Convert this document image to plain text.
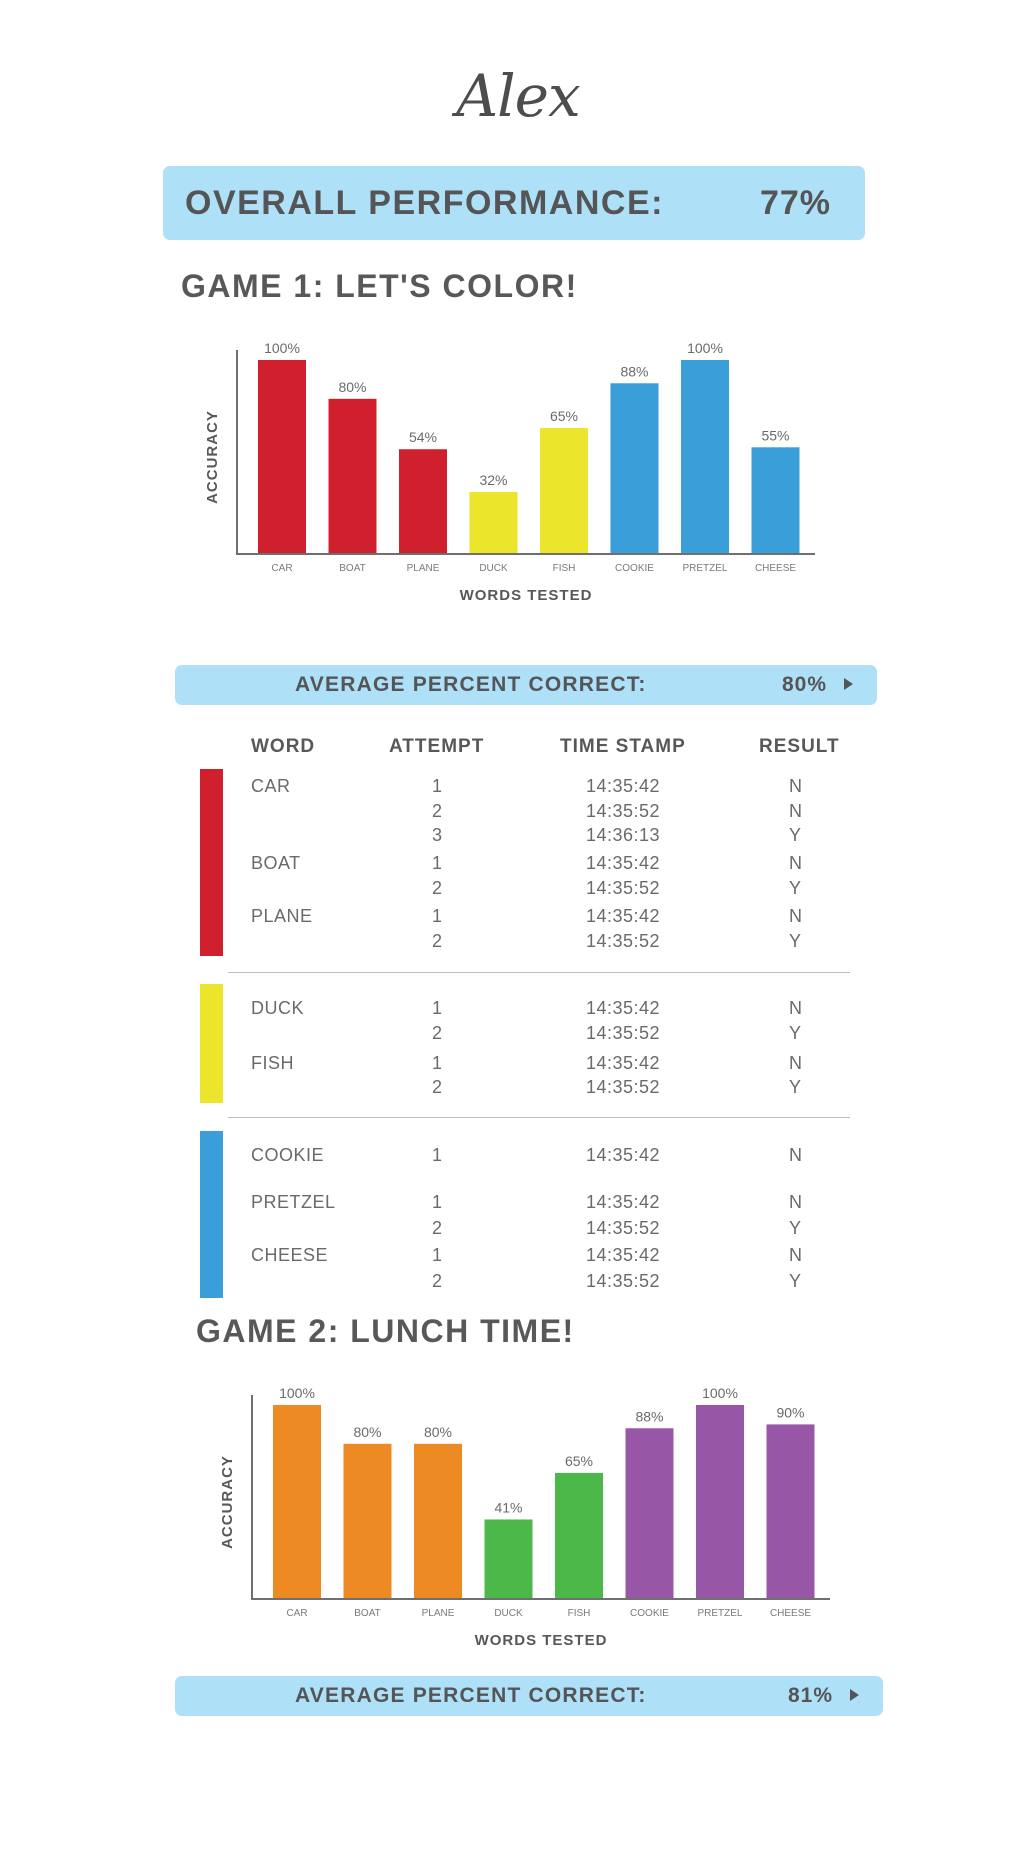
Alex
OVERALL PERFORMANCE:	77%
GAME 1: LET'S COLOR!
100%
CAR
80%
BOAT
54%
PLANE
32%
DUCK
65%
FISH
88%
COOKIE
100%
PRETZEL
55%
CHEESE
WORDS TESTED
ACCURACY
AVERAGE PERCENT CORRECT:	80%
WORD	ATTEMPT	TIME STAMP	RESULT
CAR	1	14:35:42	N
2	14:35:52	N
3	14:36:13	Y
BOAT	1	14:35:42	N
2	14:35:52	Y
PLANE	1	14:35:42	N
2	14:35:52	Y
DUCK	1	14:35:42	N
2	14:35:52	Y
FISH	1	14:35:42	N
2	14:35:52	Y
COOKIE	1	14:35:42	N
PRETZEL	1	14:35:42	N
2	14:35:52	Y
CHEESE	1	14:35:42	N
2	14:35:52	Y
GAME 2: LUNCH TIME!
100%
CAR
80%
BOAT
80%
PLANE
41%
DUCK
65%
FISH
88%
COOKIE
100%
PRETZEL
90%
CHEESE
WORDS TESTED
ACCURACY
AVERAGE PERCENT CORRECT:	81%
